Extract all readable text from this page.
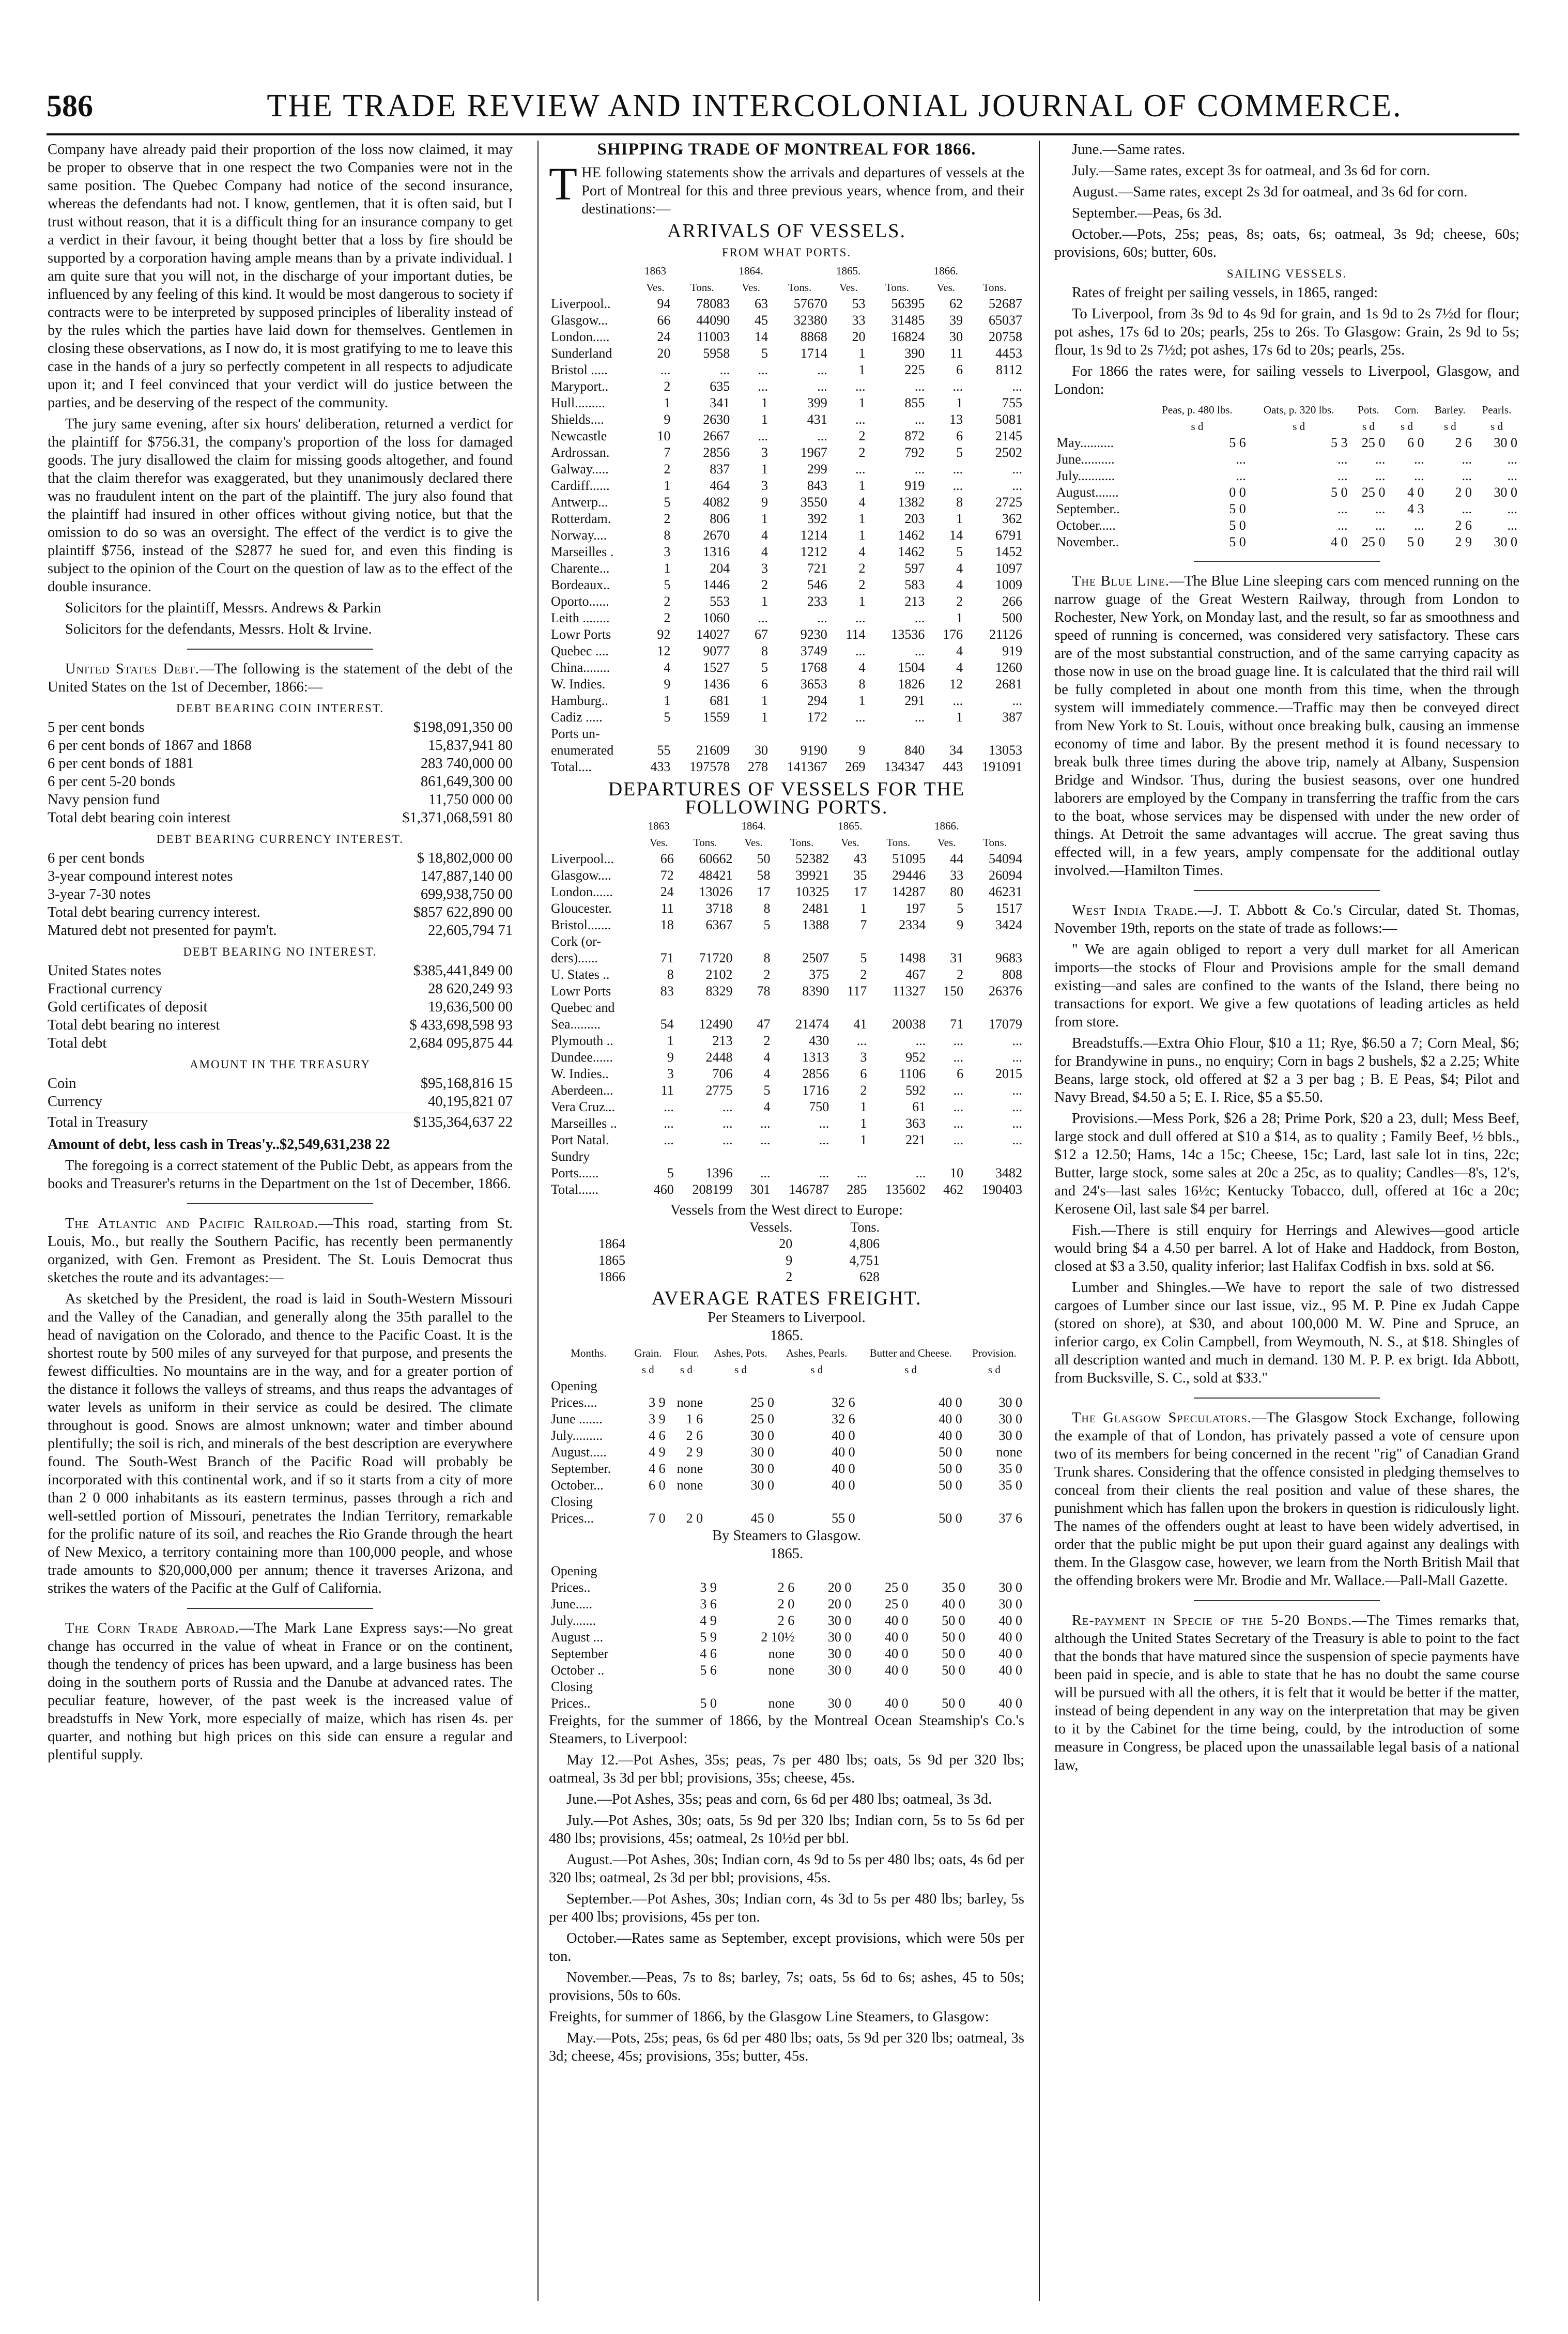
586	THE TRADE REVIEW AND INTERCOLONIAL JOURNAL OF COMMERCE.

Company have already paid their proportion of the loss now claimed, it may be proper to observe that in one respect the two Companies were not in the same position. The Quebec Company had notice of the second insurance, whereas the defendants had not. I know, gentlemen, that it is often said, but I trust without reason, that it is a difficult thing for an insurance company to get a verdict in their favour, it being thought better that a loss by fire should be supported by a corporation having ample means than by a private individual. I am quite sure that you will not, in the discharge of your important duties, be influenced by any feeling of this kind. It would be most dangerous to society if contracts were to be interpreted by supposed principles of liberality instead of by the rules which the parties have laid down for themselves. Gentlemen in closing these observations, as I now do, it is most gratifying to me to leave this case in the hands of a jury so perfectly competent in all respects to adjudicate upon it; and I feel convinced that your verdict will do justice between the parties, and be deserving of the respect of the community.

The jury same evening, after six hours' deliberation, returned a verdict for the plaintiff for $756.31, the company's proportion of the loss for damaged goods. The jury disallowed the claim for missing goods altogether, and found that the claim therefor was exaggerated, but they unanimously declared there was no fraudulent intent on the part of the plaintiff. The jury also found that the plaintiff had insured in other offices without giving notice, but that the omission to do so was an oversight. The effect of the verdict is to give the plaintiff $756, instead of the $2877 he sued for, and even this finding is subject to the opinion of the Court on the question of law as to the effect of the double insurance.

Solicitors for the plaintiff, Messrs. Andrews & Parkin

Solicitors for the defendants, Messrs. Holt & Irvine.

United States Debt.—The following is the statement of the debt of the United States on the 1st of December, 1866:—

DEBT BEARING COIN INTEREST.
5 per cent bonds	$198,091,350 00
6 per cent bonds of 1867 and 1868	15,837,941 80
6 per cent bonds of 1881	283 740,000 00
6 per cent 5-20 bonds	861,649,300 00
Navy pension fund	11,750 000 00
Total debt bearing coin interest	$1,371,068,591 80
DEBT BEARING CURRENCY INTEREST.
6 per cent bonds	$ 18,802,000 00
3-year compound interest notes	147,887,140 00
3-year 7-30 notes	699,938,750 00
Total debt bearing currency interest.	$857 622,890 00
Matured debt not presented for paym't.	22,605,794 71
DEBT BEARING NO INTEREST.
United States notes	$385,441,849 00
Fractional currency	28 620,249 93
Gold certificates of deposit	19,636,500 00
Total debt bearing no interest	$ 433,698,598 93
Total debt	2,684 095,875 44
AMOUNT IN THE TREASURY
Coin	$95,168,816 15
Currency	40,195,821 07
Total in Treasury	$135,364,637 22

Amount of debt, less cash in Treas'y..$2,549,631,238 22

The foregoing is a correct statement of the Public Debt, as appears from the books and Treasurer's returns in the Department on the 1st of December, 1866.

The Atlantic and Pacific Railroad.—This road, starting from St. Louis, Mo., but really the Southern Pacific, has recently been permanently organized, with Gen. Fremont as President. The St. Louis Democrat thus sketches the route and its advantages:—

As sketched by the President, the road is laid in South-Western Missouri and the Valley of the Canadian, and generally along the 35th parallel to the head of navigation on the Colorado, and thence to the Pacific Coast. It is the shortest route by 500 miles of any surveyed for that purpose, and presents the fewest difficulties. No mountains are in the way, and for a greater portion of the distance it follows the valleys of streams, and thus reaps the advantages of water levels as uniform in their service as could be desired. The climate throughout is good. Snows are almost unknown; water and timber abound plentifully; the soil is rich, and minerals of the best description are everywhere found. The South-West Branch of the Pacific Road will probably be incorporated with this continental work, and if so it starts from a city of more than 2 0 000 inhabitants as its eastern terminus, passes through a rich and well-settled portion of Missouri, penetrates the Indian Territory, remarkable for the prolific nature of its soil, and reaches the Rio Grande through the heart of New Mexico, a territory containing more than 100,000 people, and whose trade amounts to $20,000,000 per annum; thence it traverses Arizona, and strikes the waters of the Pacific at the Gulf of California.

The Corn Trade Abroad.—The Mark Lane Express says:—No great change has occurred in the value of wheat in France or on the continent, though the tendency of prices has been upward, and a large business has been doing in the southern ports of Russia and the Danube at advanced rates. The peculiar feature, however, of the past week is the increased value of breadstuffs in New York, more especially of maize, which has risen 4s. per quarter, and nothing but high prices on this side can ensure a regular and plentiful supply.

SHIPPING TRADE OF MONTREAL FOR 1866.

THE following statements show the arrivals and departures of vessels at the Port of Montreal for this and three previous years, whence from, and their destinations:—

ARRIVALS OF VESSELS.
FROM WHAT PORTS.
	1863		1864.		1865.		1866.	
	Ves.	Tons.	Ves.	Tons.	Ves.	Tons.	Ves.	Tons.
Liverpool..	94	78083	63	57670	53	56395	62	52687
Glasgow...	66	44090	45	32380	33	31485	39	65037
London.....	24	11003	14	8868	20	16824	30	20758
Sunderland	20	5958	5	1714	1	390	11	4453
Bristol .....	...	...	...	...	1	225	6	8112
Maryport..	2	635	...	...	...	...	...	...
Hull.........	1	341	1	399	1	855	1	755
Shields....	9	2630	1	431	...	...	13	5081
Newcastle	10	2667	...	...	2	872	6	2145
Ardrossan.	7	2856	3	1967	2	792	5	2502
Galway.....	2	837	1	299	...	...	...	...
Cardiff......	1	464	3	843	1	919	...	...
Antwerp...	5	4082	9	3550	4	1382	8	2725
Rotterdam.	2	806	1	392	1	203	1	362
Norway....	8	2670	4	1214	1	1462	14	6791
Marseilles .	3	1316	4	1212	4	1462	5	1452
Charente...	1	204	3	721	2	597	4	1097
Bordeaux..	5	1446	2	546	2	583	4	1009
Oporto......	2	553	1	233	1	213	2	266
Leith ........	2	1060	...	...	...	...	1	500
Lowr Ports	92	14027	67	9230	114	13536	176	21126
Quebec ....	12	9077	8	3749	...	...	4	919
China........	4	1527	5	1768	4	1504	4	1260
W. Indies.	9	1436	6	3653	8	1826	12	2681
Hamburg..	1	681	1	294	1	291	...	...
Cadiz .....	5	1559	1	172	...	...	1	387
Ports un-								
enumerated	55	21609	30	9190	9	840	34	13053
Total....	433	197578	278	141367	269	134347	443	191091
DEPARTURES OF VESSELS FOR THE FOLLOWING PORTS.
	1863		1864.		1865.		1866.	
	Ves.	Tons.	Ves.	Tons.	Ves.	Tons.	Ves.	Tons.
Liverpool...	66	60662	50	52382	43	51095	44	54094
Glasgow....	72	48421	58	39921	35	29446	33	26094
London......	24	13026	17	10325	17	14287	80	46231
Gloucester.	11	3718	8	2481	1	197	5	1517
Bristol.......	18	6367	5	1388	7	2334	9	3424
Cork (or-								
ders)......	71	71720	8	2507	5	1498	31	9683
U. States ..	8	2102	2	375	2	467	2	808
Lowr Ports	83	8329	78	8390	117	11327	150	26376
Quebec and								
Sea.........	54	12490	47	21474	41	20038	71	17079
Plymouth ..	1	213	2	430	...	...	...	...
Dundee......	9	2448	4	1313	3	952	...	...
W. Indies..	3	706	4	2856	6	1106	6	2015
Aberdeen...	11	2775	5	1716	2	592	...	...
Vera Cruz...	...	...	4	750	1	61	...	...
Marseilles ..	...	...	...	...	1	363	...	...
Port Natal.	...	...	...	...	1	221	...	...
Sundry								
Ports......	5	1396	...	...	...	...	10	3482
Total......	460	208199	301	146787	285	135602	462	190403
Vessels from the West direct to Europe:
	Vessels.	Tons.
1864	20	4,806
1865	9	4,751
1866	2	628
AVERAGE RATES FREIGHT.
Per Steamers to Liverpool.
1865.
Months.	Grain.	Flour.	Ashes, Pots.	Ashes, Pearls.	Butter and Cheese.	Provision.
	s d	s d	s d	s d	s d	s d
Opening						
Prices....	3 9	none	25 0	32 6	40 0	30 0
June .......	3 9	1 6	25 0	32 6	40 0	30 0
July.........	4 6	2 6	30 0	40 0	40 0	30 0
August.....	4 9	2 9	30 0	40 0	50 0	none
September.	4 6	none	30 0	40 0	50 0	35 0
October...	6 0	none	30 0	40 0	50 0	35 0
Closing						
Prices...	7 0	2 0	45 0	55 0	50 0	37 6
By Steamers to Glasgow.
1865.
Opening						
Prices..	3 9	2 6	20 0	25 0	35 0	30 0
June.....	3 6	2 0	20 0	25 0	40 0	30 0
July.......	4 9	2 6	30 0	40 0	50 0	40 0
August ...	5 9	2 10½	30 0	40 0	50 0	40 0
September	4 6	none	30 0	40 0	50 0	40 0
October ..	5 6	none	30 0	40 0	50 0	40 0
Closing						
Prices..	5 0	none	30 0	40 0	50 0	40 0

Freights, for the summer of 1866, by the Montreal Ocean Steamship's Co.'s Steamers, to Liverpool:

May 12.—Pot Ashes, 35s; peas, 7s per 480 lbs; oats, 5s 9d per 320 lbs; oatmeal, 3s 3d per bbl; provisions, 35s; cheese, 45s.

June.—Pot Ashes, 35s; peas and corn, 6s 6d per 480 lbs; oatmeal, 3s 3d.

July.—Pot Ashes, 30s; oats, 5s 9d per 320 lbs; Indian corn, 5s to 5s 6d per 480 lbs; provisions, 45s; oatmeal, 2s 10½d per bbl.

August.—Pot Ashes, 30s; Indian corn, 4s 9d to 5s per 480 lbs; oats, 4s 6d per 320 lbs; oatmeal, 2s 3d per bbl; provisions, 45s.

September.—Pot Ashes, 30s; Indian corn, 4s 3d to 5s per 480 lbs; barley, 5s per 400 lbs; provisions, 45s per ton.

October.—Rates same as September, except provisions, which were 50s per ton.

November.—Peas, 7s to 8s; barley, 7s; oats, 5s 6d to 6s; ashes, 45 to 50s; provisions, 50s to 60s.

Freights, for summer of 1866, by the Glasgow Line Steamers, to Glasgow:

May.—Pots, 25s; peas, 6s 6d per 480 lbs; oats, 5s 9d per 320 lbs; oatmeal, 3s 3d; cheese, 45s; provisions, 35s; butter, 45s.

June.—Same rates.

July.—Same rates, except 3s for oatmeal, and 3s 6d for corn.

August.—Same rates, except 2s 3d for oatmeal, and 3s 6d for corn.

September.—Peas, 6s 3d.

October.—Pots, 25s; peas, 8s; oats, 6s; oatmeal, 3s 9d; cheese, 60s; provisions, 60s; butter, 60s.

SAILING VESSELS.

Rates of freight per sailing vessels, in 1865, ranged:

To Liverpool, from 3s 9d to 4s 9d for grain, and 1s 9d to 2s 7½d for flour; pot ashes, 17s 6d to 20s; pearls, 25s to 26s. To Glasgow: Grain, 2s 9d to 5s; flour, 1s 9d to 2s 7½d; pot ashes, 17s 6d to 20s; pearls, 25s.

For 1866 the rates were, for sailing vessels to Liverpool, Glasgow, and London:

	Peas, p. 480 lbs.	Oats, p. 320 lbs.	Pots.	Corn.	Barley.	Pearls.
	s d	s d	s d	s d	s d	s d
May..........	5 6	5 3	25 0	6 0	2 6	30 0
June..........	...	...	...	...	...	...
July...........	...	...	...	...	...	...
August.......	0 0	5 0	25 0	4 0	2 0	30 0
September..	5 0	...	...	4 3	...	...
October.....	5 0	...	...	...	2 6	...
November..	5 0	4 0	25 0	5 0	2 9	30 0

The Blue Line.—The Blue Line sleeping cars com menced running on the narrow guage of the Great Western Railway, through from London to Rochester, New York, on Monday last, and the result, so far as smoothness and speed of running is concerned, was considered very satisfactory. These cars are of the most substantial construction, and of the same carrying capacity as those now in use on the broad guage line. It is calculated that the third rail will be fully completed in about one month from this time, when the through system will immediately commence.—Traffic may then be conveyed direct from New York to St. Louis, without once breaking bulk, causing an immense economy of time and labor. By the present method it is found necessary to break bulk three times during the above trip, namely at Albany, Suspension Bridge and Windsor. Thus, during the busiest seasons, over one hundred laborers are employed by the Company in transferring the traffic from the cars to the boat, whose services may be dispensed with under the new order of things. At Detroit the same advantages will accrue. The great saving thus effected will, in a few years, amply compensate for the additional outlay involved.—Hamilton Times.

West India Trade.—J. T. Abbott & Co.'s Circular, dated St. Thomas, November 19th, reports on the state of trade as follows:—

" We are again obliged to report a very dull market for all American imports—the stocks of Flour and Provisions ample for the small demand existing—and sales are confined to the wants of the Island, there being no transactions for export. We give a few quotations of leading articles as held from store.

Breadstuffs.—Extra Ohio Flour, $10 a 11; Rye, $6.50 a 7; Corn Meal, $6; for Brandywine in puns., no enquiry; Corn in bags 2 bushels, $2 a 2.25; White Beans, large stock, old offered at $2 a 3 per bag ; B. E Peas, $4; Pilot and Navy Bread, $4.50 a 5; E. I. Rice, $5 a $5.50.

Provisions.—Mess Pork, $26 a 28; Prime Pork, $20 a 23, dull; Mess Beef, large stock and dull offered at $10 a $14, as to quality ; Family Beef, ½ bbls., $12 a 12.50; Hams, 14c a 15c; Cheese, 15c; Lard, last sale lot in tins, 22c; Butter, large stock, some sales at 20c a 25c, as to quality; Candles—8's, 12's, and 24's—last sales 16½c; Kentucky Tobacco, dull, offered at 16c a 20c; Kerosene Oil, last sale $4 per barrel.

Fish.—There is still enquiry for Herrings and Alewives—good article would bring $4 a 4.50 per barrel. A lot of Hake and Haddock, from Boston, closed at $3 a 3.50, quality inferior; last Halifax Codfish in bxs. sold at $6.

Lumber and Shingles.—We have to report the sale of two distressed cargoes of Lumber since our last issue, viz., 95 M. P. Pine ex Judah Cappe (stored on shore), at $30, and about 100,000 M. W. Pine and Spruce, an inferior cargo, ex Colin Campbell, from Weymouth, N. S., at $18. Shingles of all description wanted and much in demand. 130 M. P. P. ex brigt. Ida Abbott, from Bucksville, S. C., sold at $33."

The Glasgow Speculators.—The Glasgow Stock Exchange, following the example of that of London, has privately passed a vote of censure upon two of its members for being concerned in the recent "rig" of Canadian Grand Trunk shares. Considering that the offence consisted in pledging themselves to conceal from their clients the real position and value of these shares, the punishment which has fallen upon the brokers in question is ridiculously light. The names of the offenders ought at least to have been widely advertised, in order that the public might be put upon their guard against any dealings with them. In the Glasgow case, however, we learn from the North British Mail that the offending brokers were Mr. Brodie and Mr. Wallace.—Pall-Mall Gazette.

Re-payment in Specie of the 5-20 Bonds.—The Times remarks that, although the United States Secretary of the Treasury is able to point to the fact that the bonds that have matured since the suspension of specie payments have been paid in specie, and is able to state that he has no doubt the same course will be pursued with all the others, it is felt that it would be better if the matter, instead of being dependent in any way on the interpretation that may be given to it by the Cabinet for the time being, could, by the introduction of some measure in Congress, be placed upon the unassailable legal basis of a national law,
